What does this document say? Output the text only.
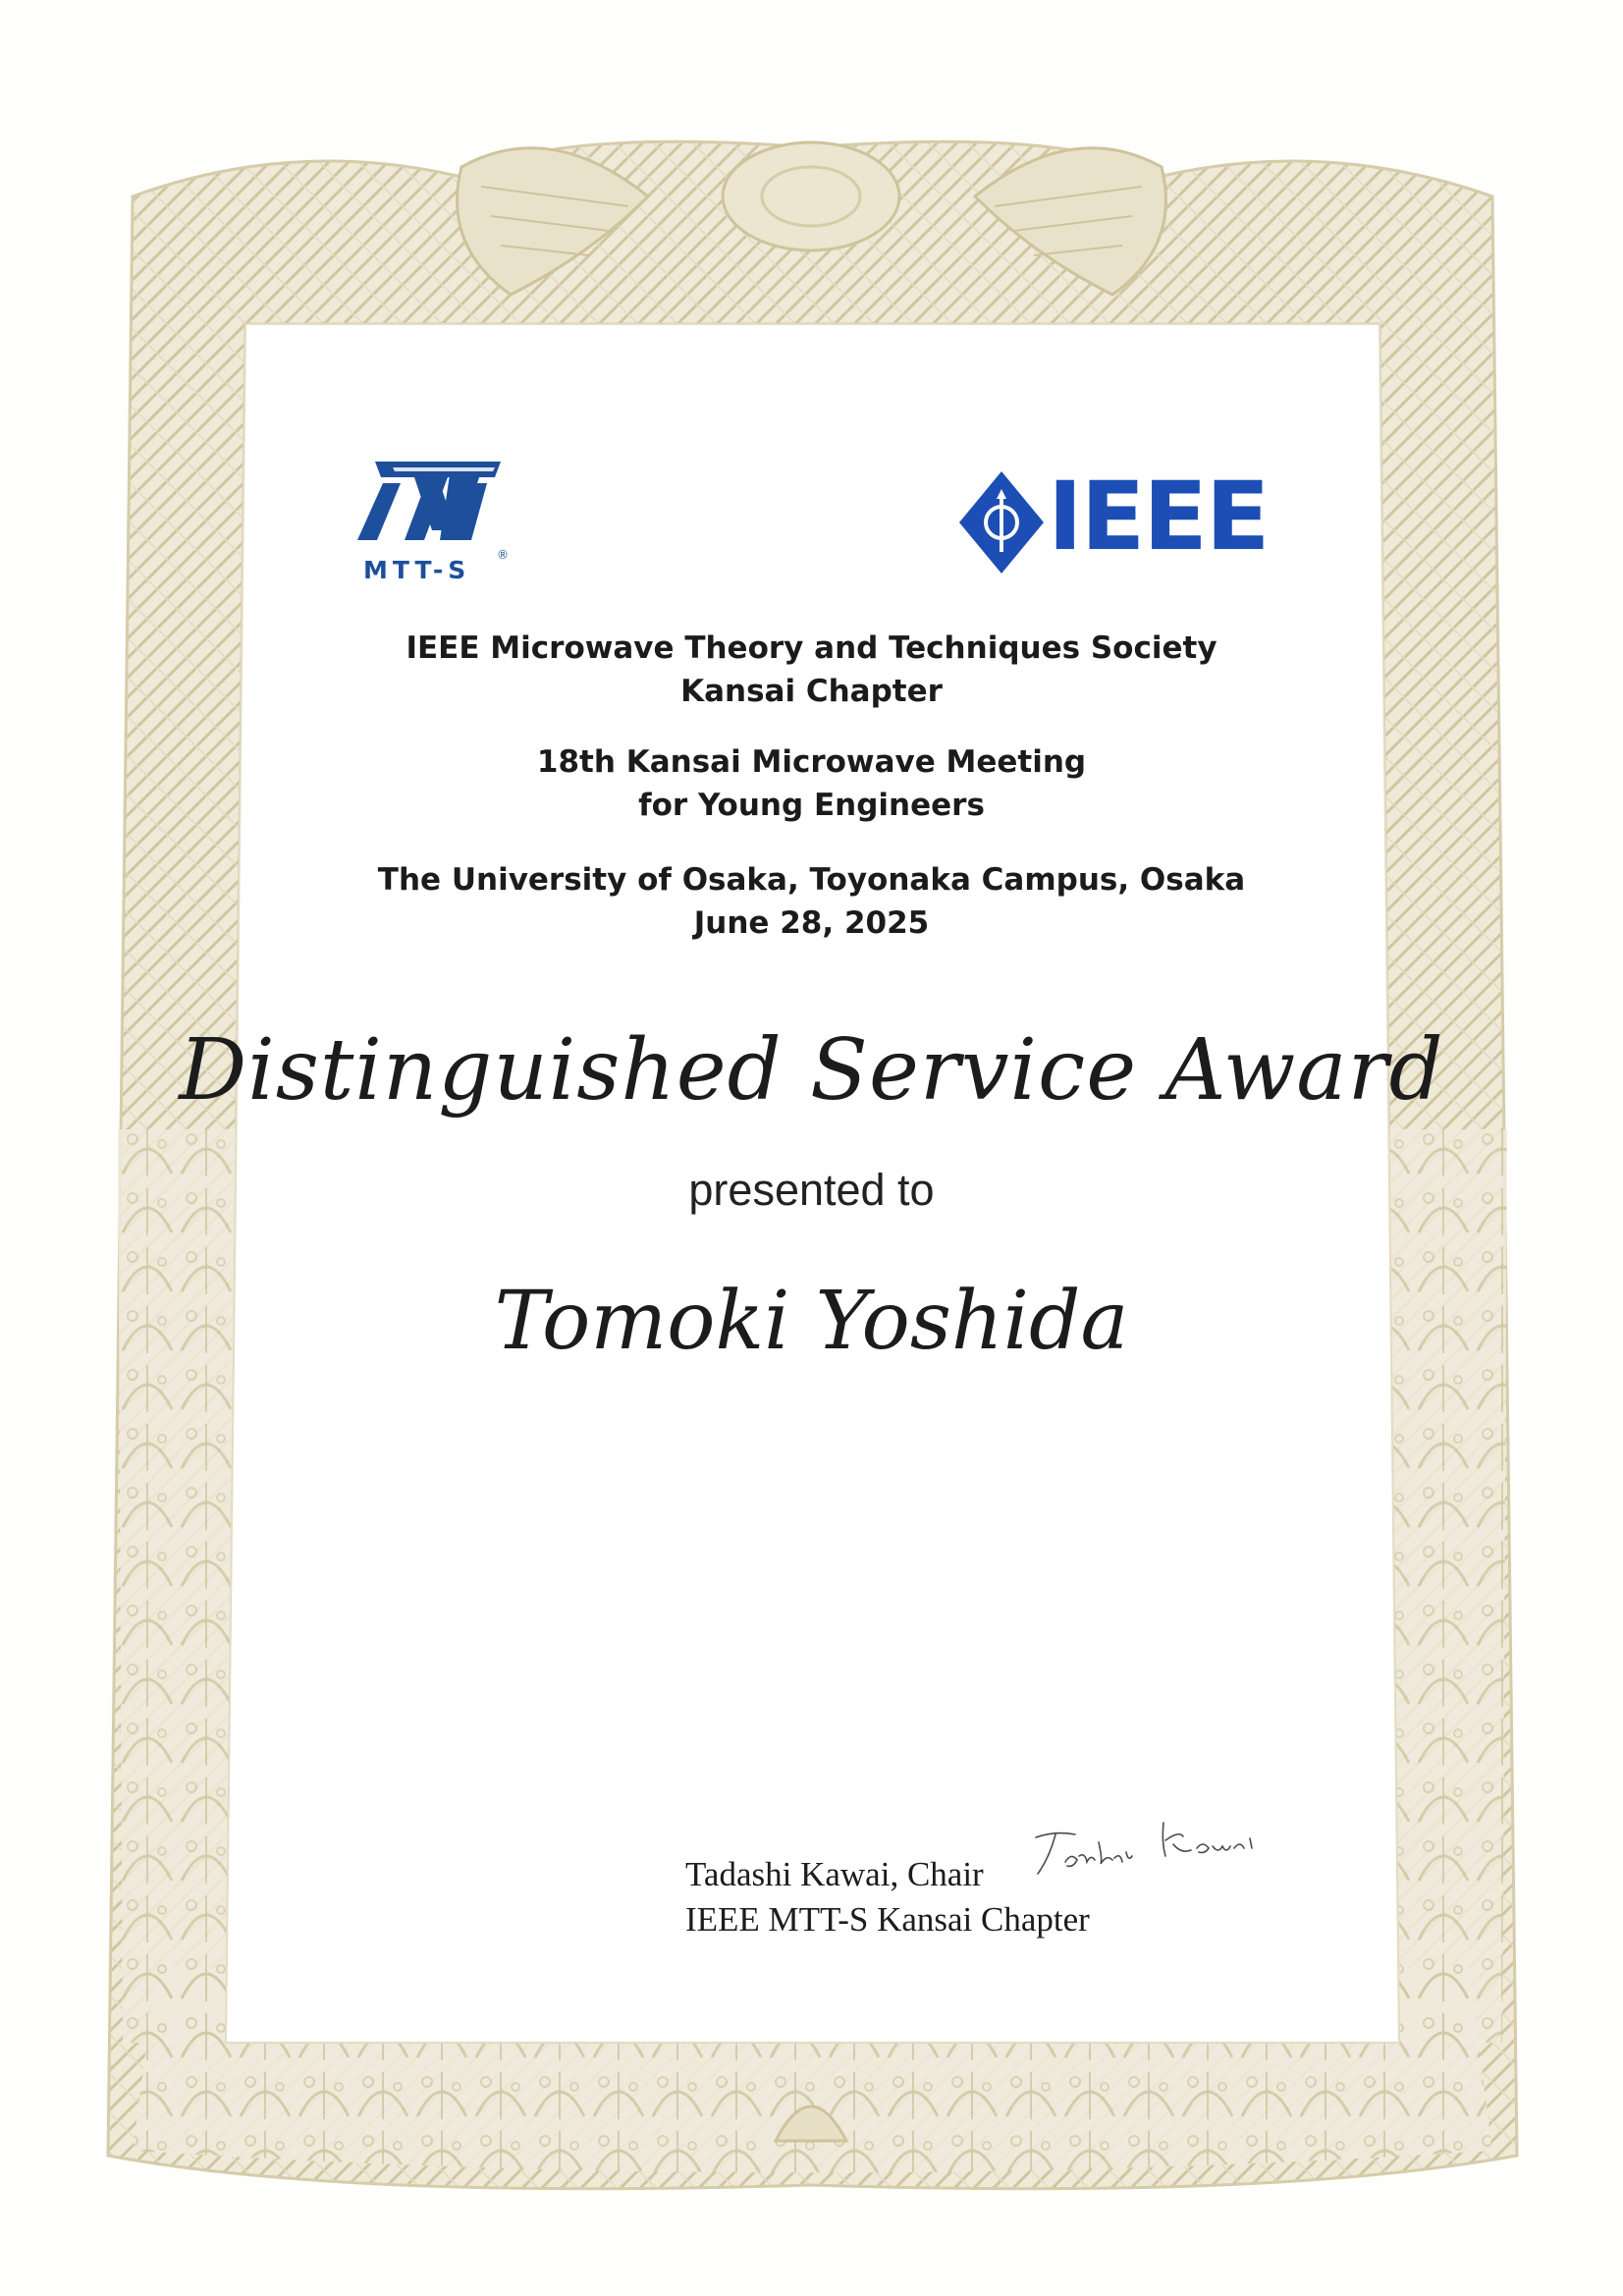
MTT-S
®	IEEE
IEEE Microwave Theory and Techniques Society
Kansai Chapter
18th Kansai Microwave Meeting
for Young Engineers
The University of Osaka, Toyonaka Campus, Osaka
June 28, 2025
Distinguished Service Award
presented to
Tomoki Yoshida
Tadashi Kawai, Chair
IEEE MTT-S Kansai Chapter
